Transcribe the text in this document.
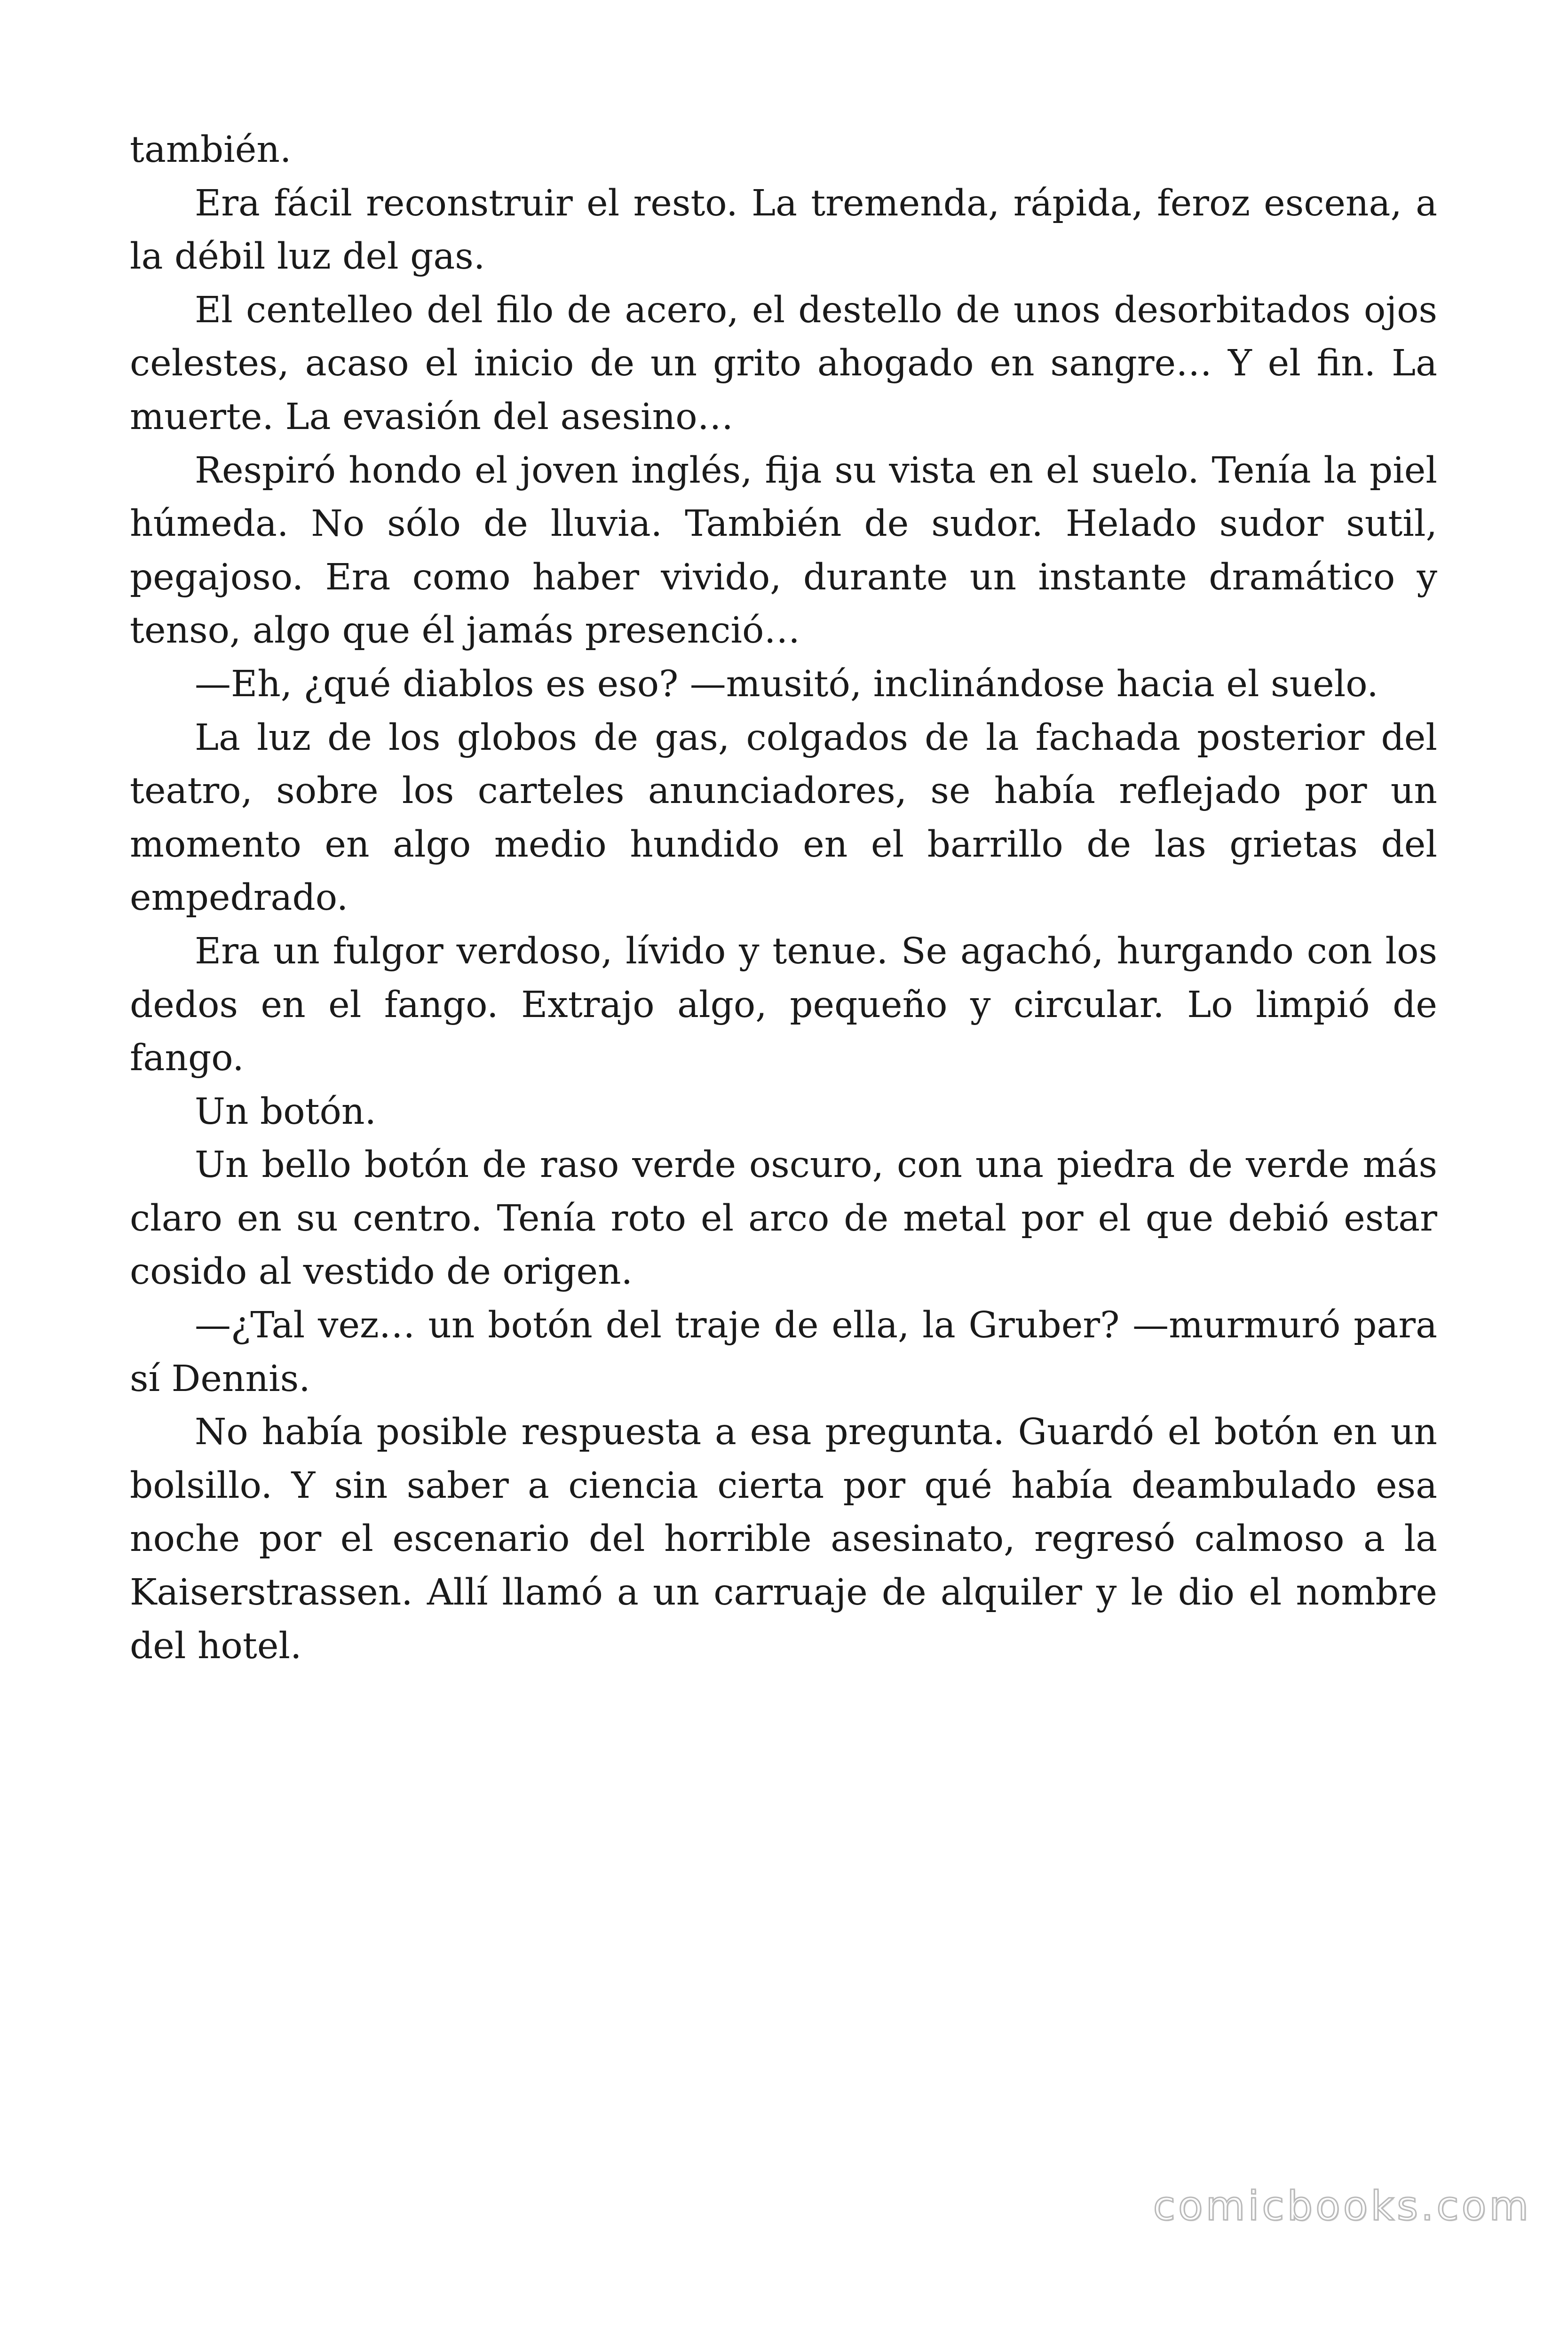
también.

Era fácil reconstruir el resto. La tremenda, rápida, feroz escena, a la débil luz del gas.

El centelleo del filo de acero, el destello de unos desorbitados ojos celestes, acaso el inicio de un grito ahogado en sangre… Y el fin. La muerte. La evasión del asesino…

Respiró hondo el joven inglés, fija su vista en el suelo. Tenía la piel húmeda. No sólo de lluvia. También de sudor. Helado sudor sutil, pegajoso. Era como haber vivido, durante un instante dramático y tenso, algo que él jamás presenció…

—Eh, ¿qué diablos es eso? —musitó, inclinándose hacia el suelo.

La luz de los globos de gas, colgados de la fachada posterior del teatro, sobre los carteles anunciadores, se había reflejado por un momento en algo medio hundido en el barrillo de las grietas del empedrado.

Era un fulgor verdoso, lívido y tenue. Se agachó, hurgando con los dedos en el fango. Extrajo algo, pequeño y circular. Lo limpió de fango.

Un botón.

Un bello botón de raso verde oscuro, con una piedra de verde más claro en su centro. Tenía roto el arco de metal por el que debió estar cosido al vestido de origen.

—¿Tal vez… un botón del traje de ella, la Gruber? —murmuró para sí Dennis.

No había posible respuesta a esa pregunta. Guardó el botón en un bolsillo. Y sin saber a ciencia cierta por qué había deambulado esa noche por el escenario del horrible asesinato, regresó calmoso a la Kaiserstrassen. Allí llamó a un carruaje de alquiler y le dio el nombre del hotel.

comicbooks.com
